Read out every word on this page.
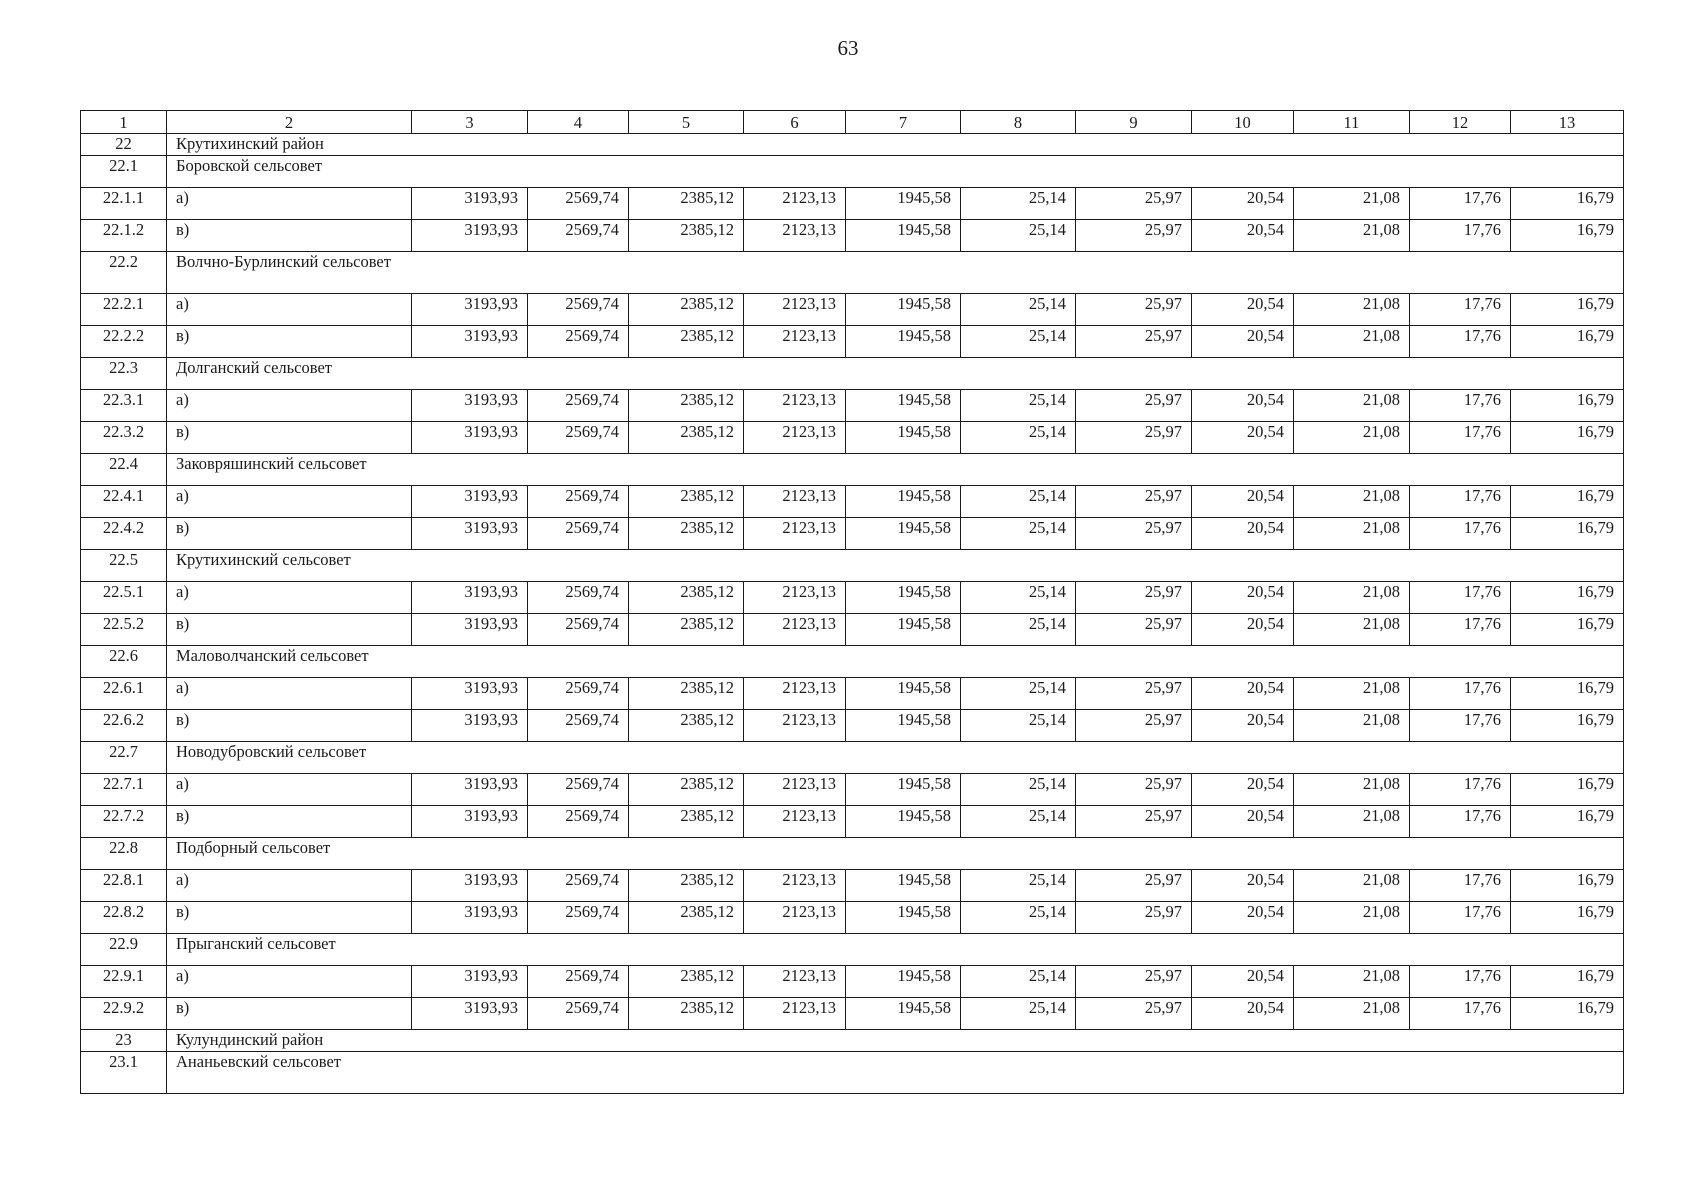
63
1	2	3	4	5	6	7	8	9	10	11	12	13
22	Крутихинский район											
22.1	Боровской сельсовет											
22.1.1	а)	3193,93	2569,74	2385,12	2123,13	1945,58	25,14	25,97	20,54	21,08	17,76	16,79
22.1.2	в)	3193,93	2569,74	2385,12	2123,13	1945,58	25,14	25,97	20,54	21,08	17,76	16,79
22.2	Волчно-Бурлинский сельсовет											
22.2.1	а)	3193,93	2569,74	2385,12	2123,13	1945,58	25,14	25,97	20,54	21,08	17,76	16,79
22.2.2	в)	3193,93	2569,74	2385,12	2123,13	1945,58	25,14	25,97	20,54	21,08	17,76	16,79
22.3	Долганский сельсовет											
22.3.1	а)	3193,93	2569,74	2385,12	2123,13	1945,58	25,14	25,97	20,54	21,08	17,76	16,79
22.3.2	в)	3193,93	2569,74	2385,12	2123,13	1945,58	25,14	25,97	20,54	21,08	17,76	16,79
22.4	Заковряшинский сельсовет											
22.4.1	а)	3193,93	2569,74	2385,12	2123,13	1945,58	25,14	25,97	20,54	21,08	17,76	16,79
22.4.2	в)	3193,93	2569,74	2385,12	2123,13	1945,58	25,14	25,97	20,54	21,08	17,76	16,79
22.5	Крутихинский сельсовет											
22.5.1	а)	3193,93	2569,74	2385,12	2123,13	1945,58	25,14	25,97	20,54	21,08	17,76	16,79
22.5.2	в)	3193,93	2569,74	2385,12	2123,13	1945,58	25,14	25,97	20,54	21,08	17,76	16,79
22.6	Маловолчанский сельсовет											
22.6.1	а)	3193,93	2569,74	2385,12	2123,13	1945,58	25,14	25,97	20,54	21,08	17,76	16,79
22.6.2	в)	3193,93	2569,74	2385,12	2123,13	1945,58	25,14	25,97	20,54	21,08	17,76	16,79
22.7	Новодубровский сельсовет											
22.7.1	а)	3193,93	2569,74	2385,12	2123,13	1945,58	25,14	25,97	20,54	21,08	17,76	16,79
22.7.2	в)	3193,93	2569,74	2385,12	2123,13	1945,58	25,14	25,97	20,54	21,08	17,76	16,79
22.8	Подборный сельсовет											
22.8.1	а)	3193,93	2569,74	2385,12	2123,13	1945,58	25,14	25,97	20,54	21,08	17,76	16,79
22.8.2	в)	3193,93	2569,74	2385,12	2123,13	1945,58	25,14	25,97	20,54	21,08	17,76	16,79
22.9	Прыганский сельсовет											
22.9.1	а)	3193,93	2569,74	2385,12	2123,13	1945,58	25,14	25,97	20,54	21,08	17,76	16,79
22.9.2	в)	3193,93	2569,74	2385,12	2123,13	1945,58	25,14	25,97	20,54	21,08	17,76	16,79
23	Кулундинский район											
23.1	Ананьевский сельсовет											
